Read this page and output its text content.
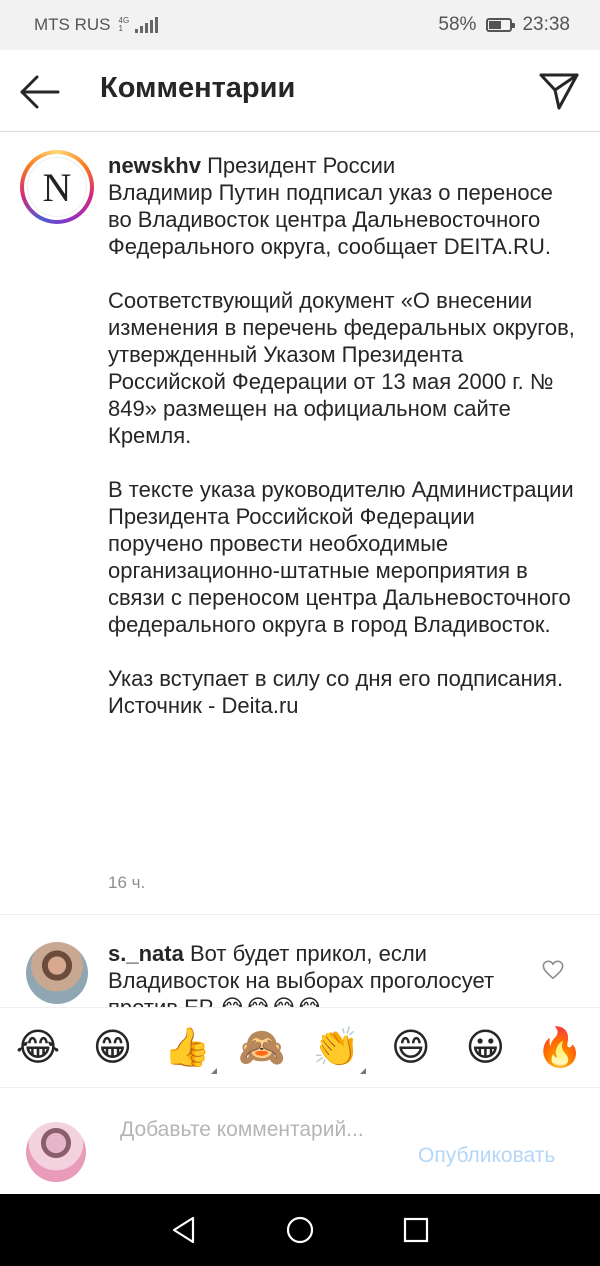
MTS RUS 4G
1	58% 23:38
Комментарии
N newskhv Президент России
Владимир Путин подписал указ о переносе во Владивосток центра Дальневосточного Федерального округа, сообщает DEITA.RU.

Соответствующий документ «О внесении изменения в перечень федеральных округов, утвержденный Указом Президента Российской Федерации от 13 мая 2000 г. № 849» размещен на официальном сайте Кремля.

В тексте указа руководителю Администрации Президента Российской Федерации
поручено провести необходимые организационно-штатные мероприятия в связи с переносом центра Дальневосточного федерального округа в город Владивосток.

Указ вступает в силу со дня его подписания.
Источник - Deita.ru

16 ч.
s._nata Вот будет прикол, если Владивосток на выборах проголосует
😂 😁 👍 🙈 👏 😄 😀 🔥
Добавьте комментарий...
Опубликовать
